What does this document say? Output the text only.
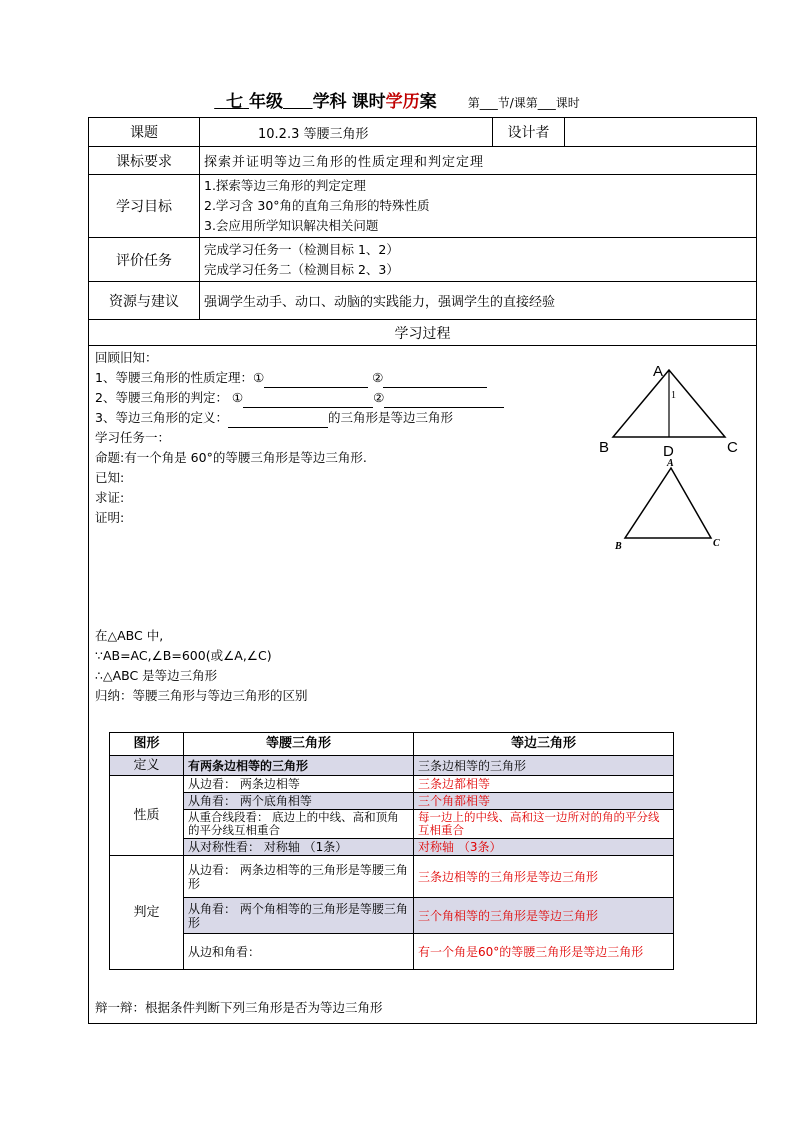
七 年级 学科 课时学历案	第___节/课第___课时
课题	10.2.3 等腰三角形	设计者	
课标要求	探索并证明等边三角形的性质定理和判定定理
学习目标	
1.探索等边三角形的判定定理
2.学习含 30°角的直角三角形的特殊性质
3.会应用所学知识解决相关问题

评价任务	
完成学习任务一（检测目标 1、2）
完成学习任务二（检测目标 2、3）

资源与建议	强调学生动手、动口、动脑的实践能力，强调学生的直接经验
学习过程

回顾旧知：
1、等腰三角形的性质定理：①	②
2、等腰三角形的判定： ①	②
3、等边三角形的定义：	的三角形是等边三角形
学习任务一：
命题:有一个角是 60°的等腰三角形是等边三角形.
已知:
求证:
证明:
在△ABC 中,
∵AB=AC,∠B=600(或∠A,∠C)
∴△ABC 是等边三角形
归纳：等腰三角形与等边三角形的区别
A
1
B	D	C
A
B	C
图形	等腰三角形	等边三角形
定义	有两条边相等的三角形	三条边相等的三角形
性质	从边看： 两条边相等	三条边都相等
从角看： 两个底角相等	三个角都相等
从重合线段看： 底边上的中线、高和顶角的平分线互相重合	每一边上的中线、高和这一边所对的角的平分线互相重合
从对称性看： 对称轴 （1条）	对称轴 （3条）
判定	从边看： 两条边相等的三角形是等腰三角形	三条边相等的三角形是等边三角形
从角看： 两个角相等的三角形是等腰三角形	三个角相等的三角形是等边三角形
从边和角看：	有一个角是60°的等腰三角形是等边三角形
辩一辩：根据条件判断下列三角形是否为等边三角形
